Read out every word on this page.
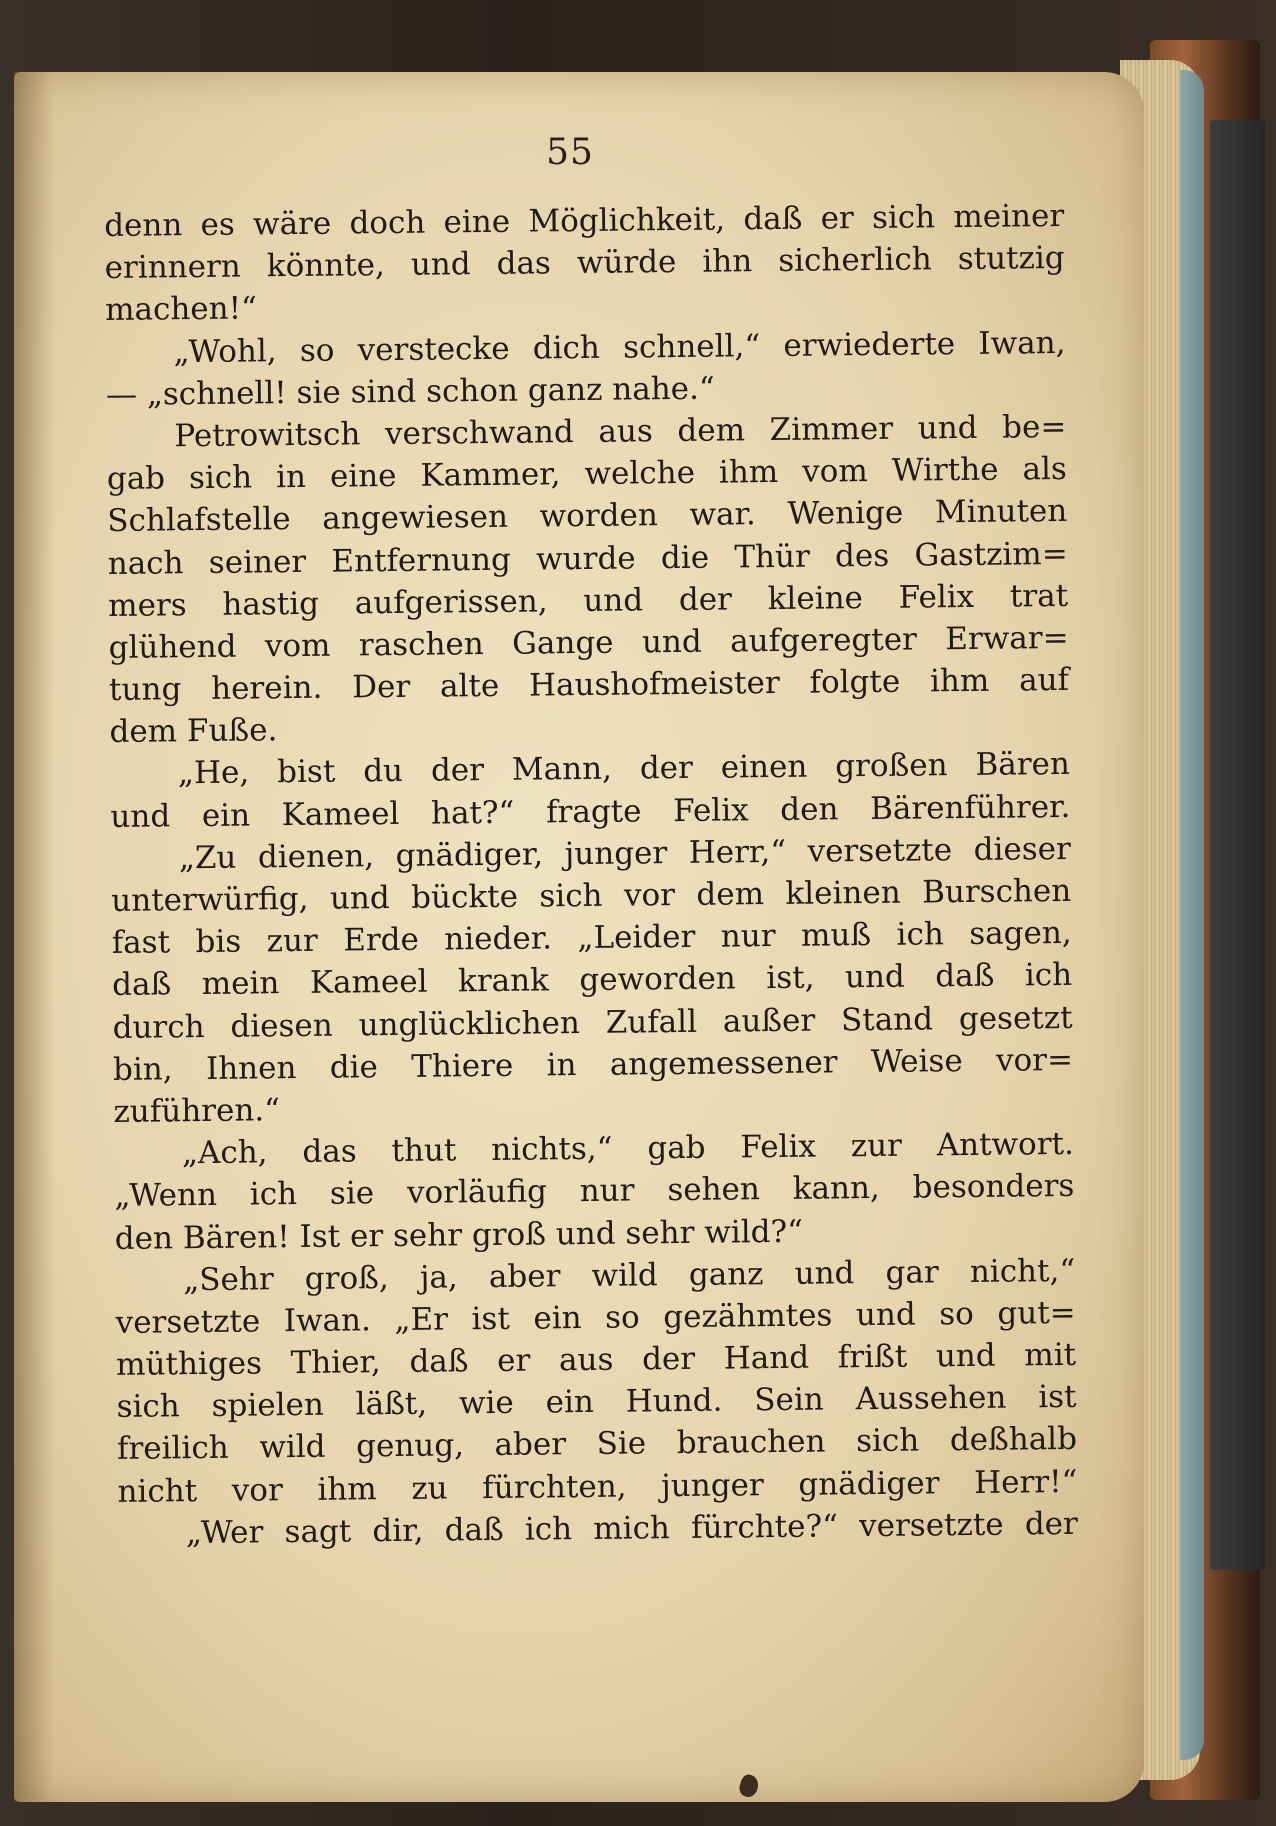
55
denn es wäre doch eine Möglichkeit, daß er sich meiner
erinnern könnte, und das würde ihn sicherlich stutzig
machen!“
„Wohl, so verstecke dich schnell,“ erwiederte Iwan,
— „schnell! sie sind schon ganz nahe.“
Petrowitsch verschwand aus dem Zimmer und be=
gab sich in eine Kammer, welche ihm vom Wirthe als
Schlafstelle angewiesen worden war. Wenige Minuten
nach seiner Entfernung wurde die Thür des Gastzim=
mers hastig aufgerissen, und der kleine Felix trat
glühend vom raschen Gange und aufgeregter Erwar=
tung herein. Der alte Haushofmeister folgte ihm auf
dem Fuße.
„He, bist du der Mann, der einen großen Bären
und ein Kameel hat?“ fragte Felix den Bärenführer.
„Zu dienen, gnädiger, junger Herr,“ versetzte dieser
unterwürfig, und bückte sich vor dem kleinen Burschen
fast bis zur Erde nieder. „Leider nur muß ich sagen,
daß mein Kameel krank geworden ist, und daß ich
durch diesen unglücklichen Zufall außer Stand gesetzt
bin, Ihnen die Thiere in angemessener Weise vor=
zuführen.“
„Ach, das thut nichts,“ gab Felix zur Antwort.
„Wenn ich sie vorläufig nur sehen kann, besonders
den Bären! Ist er sehr groß und sehr wild?“
„Sehr groß, ja, aber wild ganz und gar nicht,“
versetzte Iwan. „Er ist ein so gezähmtes und so gut=
müthiges Thier, daß er aus der Hand frißt und mit
sich spielen läßt, wie ein Hund. Sein Aussehen ist
freilich wild genug, aber Sie brauchen sich deßhalb
nicht vor ihm zu fürchten, junger gnädiger Herr!“
„Wer sagt dir, daß ich mich fürchte?“ versetzte der
